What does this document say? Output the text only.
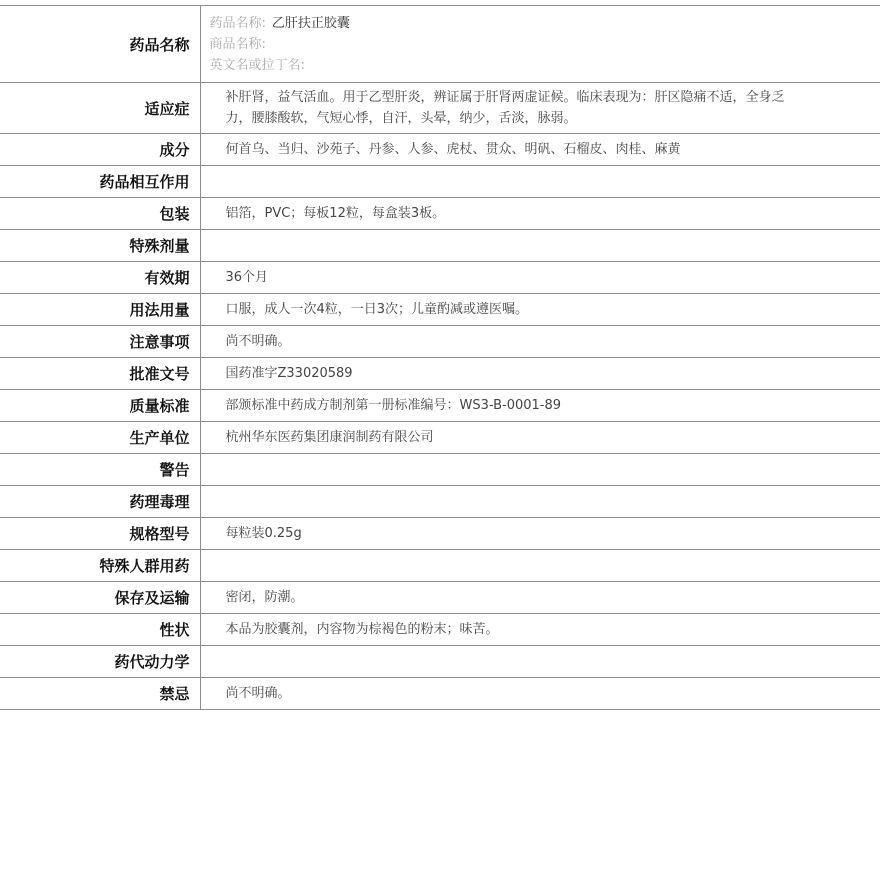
药品名称	药品名称: 乙肝扶正胶囊
商品名称:
英文名或拉丁名:

适应症	补肝肾，益气活血。用于乙型肝炎，辨证属于肝肾两虚证候。临床表现为：肝区隐痛不适，全身乏力，腰膝酸软，气短心悸，自汗，头晕，纳少，舌淡，脉弱。
成分	何首乌、当归、沙苑子、丹参、人参、虎杖、贯众、明矾、石榴皮、肉桂、麻黄
药品相互作用	
包装	铝箔，PVC；每板12粒，每盒装3板。
特殊剂量	
有效期	36个月
用法用量	口服，成人一次4粒，一日3次；儿童酌减或遵医嘱。
注意事项	尚不明确。
批准文号	国药准字Z33020589
质量标准	部颁标准中药成方制剂第一册标准编号：WS3-B-0001-89
生产单位	杭州华东医药集团康润制药有限公司
警告	
药理毒理	
规格型号	每粒装0.25g
特殊人群用药	
保存及运输	密闭，防潮。
性状	本品为胶囊剂，内容物为棕褐色的粉末；味苦。
药代动力学	
禁忌	尚不明确。
